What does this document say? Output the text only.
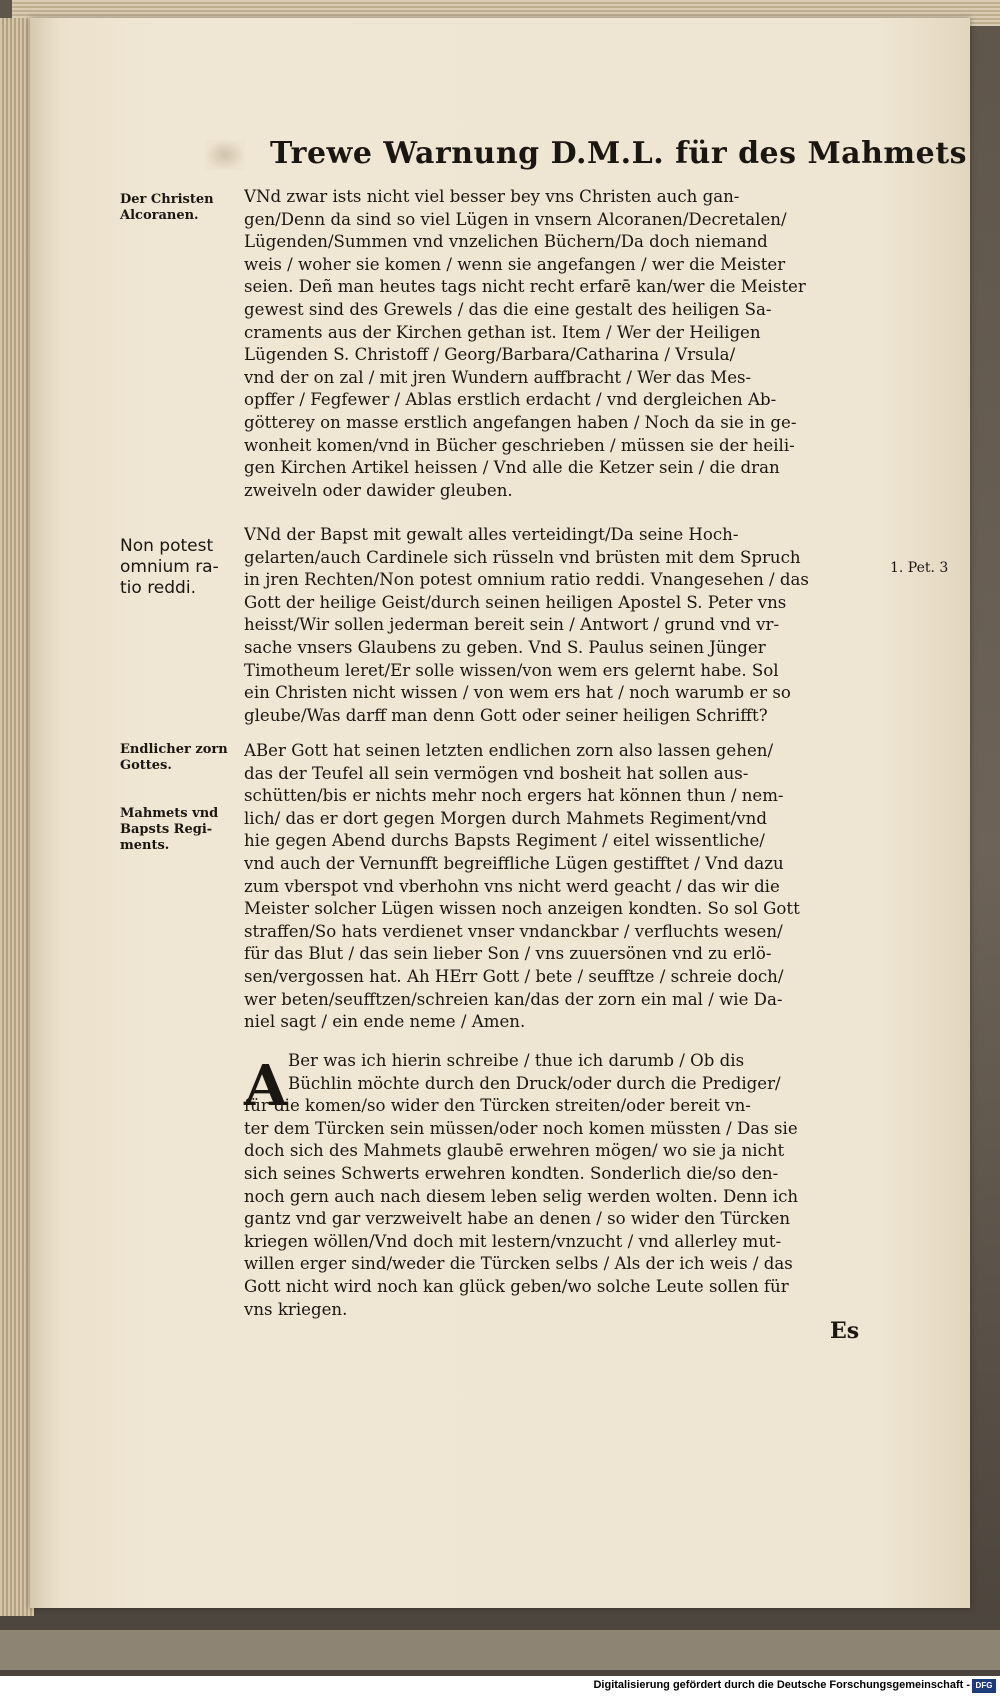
Trewe Warnung D.M.L. für des Mahmets
Der Christen
Alcoranen.
Non potest
omnium ra-
tio reddi.
Endlicher zorn
Gottes.
Mahmets vnd
Bapsts Regi-
ments.
1. Pet. 3
VNd zwar ists nicht viel besser bey vns Christen auch gan-
gen/Denn da sind so viel Lügen in vnsern Alcoranen/Decretalen/
Lügenden/Summen vnd vnzelichen Büchern/Da doch niemand
weis / woher sie komen / wenn sie angefangen / wer die Meister
seien. Deñ man heutes tags nicht recht erfarē kan/wer die Meister
gewest sind des Grewels / das die eine gestalt des heiligen Sa-
craments aus der Kirchen gethan ist. Item / Wer der Heiligen
Lügenden S. Christoff / Georg/Barbara/Catharina / Vrsula/
vnd der on zal / mit jren Wundern auffbracht / Wer das Mes-
opffer / Fegfewer / Ablas erstlich erdacht / vnd dergleichen Ab-
götterey on masse erstlich angefangen haben / Noch da sie in ge-
wonheit komen/vnd in Bücher geschrieben / müssen sie der heili-
gen Kirchen Artikel heissen / Vnd alle die Ketzer sein / die dran
zweiveln oder dawider gleuben.
VNd der Bapst mit gewalt alles verteidingt/Da seine Hoch-
gelarten/auch Cardinele sich rüsseln vnd brüsten mit dem Spruch
in jren Rechten/Non potest omnium ratio reddi. Vnangesehen / das
Gott der heilige Geist/durch seinen heiligen Apostel S. Peter vns
heisst/Wir sollen jederman bereit sein / Antwort / grund vnd vr-
sache vnsers Glaubens zu geben. Vnd S. Paulus seinen Jünger
Timotheum leret/Er solle wissen/von wem ers gelernt habe. Sol
ein Christen nicht wissen / von wem ers hat / noch warumb er so
gleube/Was darff man denn Gott oder seiner heiligen Schrifft?
ABer Gott hat seinen letzten endlichen zorn also lassen gehen/
das der Teufel all sein vermögen vnd bosheit hat sollen aus-
schütten/bis er nichts mehr noch ergers hat können thun / nem-
lich/ das er dort gegen Morgen durch Mahmets Regiment/vnd
hie gegen Abend durchs Bapsts Regiment / eitel wissentliche/
vnd auch der Vernunfft begreiffliche Lügen gestifftet / Vnd dazu
zum vberspot vnd vberhohn vns nicht werd geacht / das wir die
Meister solcher Lügen wissen noch anzeigen kondten. So sol Gott
straffen/So hats verdienet vnser vndanckbar / verfluchts wesen/
für das Blut / das sein lieber Son / vns zuuersönen vnd zu erlö-
sen/vergossen hat. Ah HErr Gott / bete / seufftze / schreie doch/
wer beten/seufftzen/schreien kan/das der zorn ein mal / wie Da-
niel sagt / ein ende neme / Amen.
A Ber was ich hierin schreibe / thue ich darumb / Ob dis
Büchlin möchte durch den Druck/oder durch die Prediger/
für die komen/so wider den Türcken streiten/oder bereit vn-
ter dem Türcken sein müssen/oder noch komen müssten / Das sie
doch sich des Mahmets glaubē erwehren mögen/ wo sie ja nicht
sich seines Schwerts erwehren kondten. Sonderlich die/so den-
noch gern auch nach diesem leben selig werden wolten. Denn ich
gantz vnd gar verzweivelt habe an denen / so wider den Türcken
kriegen wöllen/Vnd doch mit lestern/vnzucht / vnd allerley mut-
willen erger sind/weder die Türcken selbs / Als der ich weis / das
Gott nicht wird noch kan glück geben/wo solche Leute sollen für
vns kriegen.
Es
Digitalisierung gefördert durch die Deutsche Forschungsgemeinschaft - DFG
